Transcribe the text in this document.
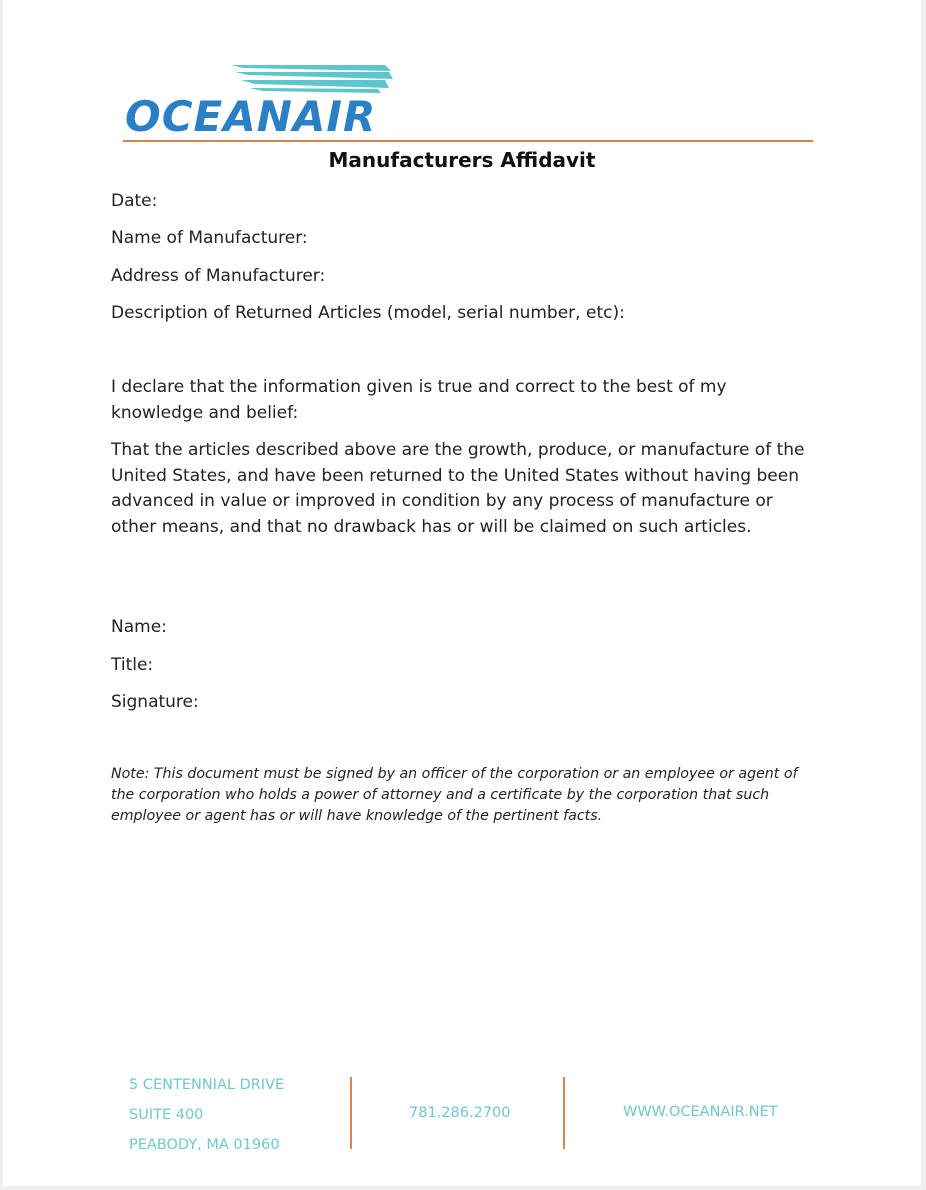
OCEANAIR
Manufacturers Affidavit
Date:
Name of Manufacturer:
Address of Manufacturer:
Description of Returned Articles (model, serial number, etc):

I declare that the information given is true and correct to the best of my knowledge and belief:

That the articles described above are the growth, produce, or manufacture of the United States, and have been returned to the United States without having been advanced in value or improved in condition by any process of manufacture or other means, and that no drawback has or will be claimed on such articles.

Name:
Title:
Signature:

Note: This document must be signed by an officer of the corporation or an employee or agent of the corporation who holds a power of attorney and a certificate by the corporation that such employee or agent has or will have knowledge of the pertinent facts.

5 CENTENNIAL DRIVE
SUITE 400
PEABODY, MA 01960
781.286.2700	WWW.OCEANAIR.NET
